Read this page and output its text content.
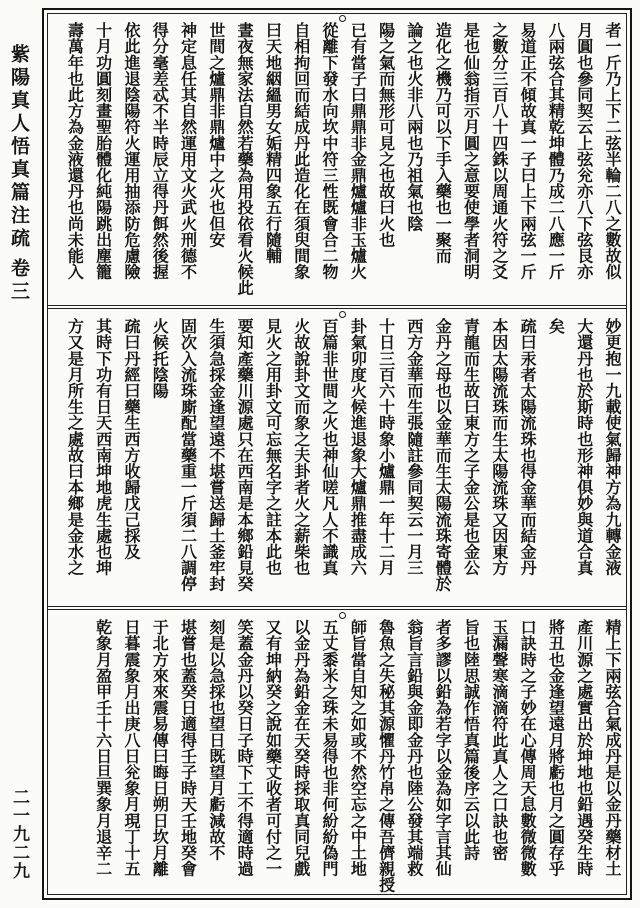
紫陽真人悟真篇注疏
卷三
二一九二九
者一斤乃上下二弦半輪二八之數故似
月圓也參同契云上弦兊亦八下弦艮亦
八兩弦合其精乾坤體乃成二八應一斤
易道正不傾故真一子曰上下兩弦一斤
之數分三百八十四銖以周通火符之爻
是也仙翁指示月圓之意要使學者洞明
造化之機乃可以下手入藥也一聚而
論之也火非八兩也乃祖氣也陰
陽之氣而無形可見之也故曰火也
已有當子曰鼎鼎非金鼎爐爐非玉爐火
從離下發水向坎中符三性既會合二物
自相拘回而結成丹此造化在須臾間象
曰天地絪縕男女姤精四象五行隨輔
晝夜無家法自然若藥為用投依看火候此
世間之爐鼎非鼎爐中之火也但安
神定息任其自然運用文火武火刑德不
得分毫差忒不半時辰立得丹餌然後握
依此進退陰陽符火運用抽添防危慮險
十月功圓刻畫聖胎體化純陽跳出塵籠
壽萬年也此方為金液還丹也尚未能入
妙更抱一九載使氣歸神方為九轉金液
大還丹也於斯時也形神俱妙與道合真
矣
疏曰汞者太陽流珠也得金華而結金丹
本因太陽流珠而生太陽流珠又因東方
青龍而生故曰東方之子金公是也金公
金丹之母也以金華而生太陽流珠寄體於
西方金華而生張隨註參同契云一月三
十日三百六十時象小爐鼎一年十二月
卦氣卯度火候進退象大爐鼎推盡成六
百篇非世間之火也神仙嗟凡人不識真
火故說卦文而象之夫卦者火之薪柴也
見火之用卦文可忘無名字之註本此也
要知產藥川源處只在西南是本鄉鉛見癸
生須急採金逢望遠不堪嘗送歸土釜牢封
固次入流珠廝配當藥重一斤須二八調停
火候托陰陽
疏曰丹經曰藥生西方收歸戊己採及
其時下功有日天西南坤地虎生處也坤
方又是月所生之處故曰本鄉是金水之
精上下兩弦合氣成丹是以金丹藥材土
產川源之處實出於坤地也鉛遇癸生時
將丑也金逢望遠月將虧也月之圓存乎
口訣時之子妙在心傳周天息數微微數
玉漏聲寒滴滴符此真人之口訣也密
旨也陸思誠作悟真篇後序云以此詩
者多謬以鉛為若字以金為如字言其仙
翁旨言鉛與金即金丹也陸公發其端救
魯魚之失秘其源懼丹竹帛之傳吾儕親授
師旨當自知之如或不然空忘之中土地
五丈黍米之珠未易得也非何紛紛偽門
以金丹為鉛金在天癸時採取真同兒戲
又有坤納癸之說如藥丈收者可付之一
笑蓋金丹以癸日子時下工不得適時過
刻是以急採也望日既望月虧減故不
堪嘗也蓋癸日適得壬子時天壬地癸會
于北方來來震易傳曰晦日朔日坎月離
日暮震象月出庚八日兊象月現丁十五
乾象月盈甲壬十六日旦巽象月退辛二
